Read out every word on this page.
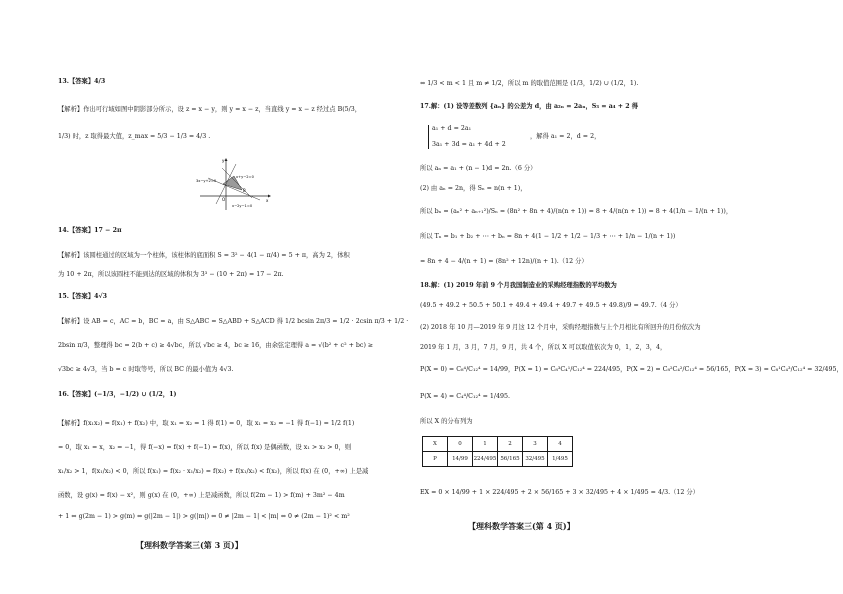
13.【答案】4/3
【解析】作出可行域如图中阴影部分所示，设 z = x − y，则 y = x − z，当直线 y = x − z 经过点 B(5/3，
1/3) 时，z 取得最大值，z_max = 5/3 − 1/3 = 4/3 .
y
x
O
B
3x−y+2=0
x+y−2=0
x−2y−1=0
14.【答案】17 − 2π
【解析】该圆柱通过的区域为一个柱体，该柱体的底面积 S = 3² − 4(1 − π/4) = 5 + π，高为 2，体积
为 10 + 2π，所以该圆柱不能到达的区域的体积为 3³ − (10 + 2π) = 17 − 2π.
15.【答案】4√3
【解析】设 AB = c，AC = b，BC = a，由 S△ABC = S△ABD + S△ACD 得 1/2 bcsin 2π/3 = 1/2 · 2csin π/3 + 1/2 ·
2bsin π/3，整理得 bc = 2(b + c) ≥ 4√bc，所以 √bc ≥ 4，bc ≥ 16，由余弦定理得 a = √(b² + c² + bc) ≥
√3bc ≥ 4√3，当 b = c 时取等号，所以 BC 的最小值为 4√3.
16.【答案】(−1/3，−1/2) ∪ (1/2，1)
【解析】f(x₁x₂) = f(x₁) + f(x₂) 中，取 x₁ = x₂ = 1 得 f(1) = 0，取 x₁ = x₂ = −1 得 f(−1) = 1/2 f(1)
= 0，取 x₁ = x，x₂ = −1，得 f(−x) = f(x) + f(−1) = f(x)，所以 f(x) 是偶函数，设 x₁ > x₂ > 0，则
x₁/x₂ > 1，f(x₁/x₂) < 0，所以 f(x₁) = f(x₂ · x₁/x₂) = f(x₂) + f(x₁/x₂) < f(x₂)，所以 f(x) 在 (0，+∞) 上是减
函数，设 g(x) = f(x) − x²，则 g(x) 在 (0，+∞) 上是减函数，所以 f(2m − 1) > f(m) + 3m² − 4m
+ 1 ⇔ g(2m − 1) > g(m) ⇔ g(|2m − 1|) > g(|m|) ⇔ 0 ≠ |2m − 1| < |m| ⇔ 0 ≠ (2m − 1)² < m²
【理科数学答案三(第 3 页)】
⇔ 1/3 < m < 1 且 m ≠ 1/2，所以 m 的取值范围是 (1/3，1/2) ∪ (1/2，1).
17.解：(1) 设等差数列 {aₙ} 的公差为 d，由 a₂ₙ = 2aₙ，S₃ = a₄ + 2 得
a₁ + d = 2a₁
3a₁ + 3d = a₁ + 4d + 2
，解得 a₁ = 2，d = 2，
所以 aₙ = a₁ + (n − 1)d = 2n.（6 分）
(2) 由 aₙ = 2n，得 Sₙ = n(n + 1)，
所以 bₙ = (aₙ² + aₙ₊₁²)/Sₙ = (8n² + 8n + 4)/(n(n + 1)) = 8 + 4/(n(n + 1)) = 8 + 4(1/n − 1/(n + 1))，
所以 Tₙ = b₁ + b₂ + ⋯ + bₙ = 8n + 4(1 − 1/2 + 1/2 − 1/3 + ⋯ + 1/n − 1/(n + 1))
= 8n + 4 − 4/(n + 1) = (8n² + 12n)/(n + 1).（12 分）
18.解：(1) 2019 年前 9 个月我国制造业的采购经理指数的平均数为
(49.5 + 49.2 + 50.5 + 50.1 + 49.4 + 49.4 + 49.7 + 49.5 + 49.8)/9 = 49.7.（4 分）
(2) 2018 年 10 月—2019 年 9 月这 12 个月中，采购经理指数与上个月相比有所回升的月份依次为
2019 年 1 月，3 月，7 月，9 月，共 4 个，所以 X 可以取值依次为 0，1，2，3，4，
P(X = 0) = C₈⁴/C₁₂⁴ = 14/99，P(X = 1) = C₈³C₄¹/C₁₂⁴ = 224/495，P(X = 2) = C₈²C₄²/C₁₂⁴ = 56/165，P(X = 3) = C₈¹C₄³/C₁₂⁴ = 32/495，
P(X = 4) = C₄⁴/C₁₂⁴ = 1/495.
所以 X 的分布列为
X	0	1	2	3	4
P	14/99	224/495	56/165	32/495	1/495
EX = 0 × 14/99 + 1 × 224/495 + 2 × 56/165 + 3 × 32/495 + 4 × 1/495 = 4/3.（12 分）
【理科数学答案三(第 4 页)】
